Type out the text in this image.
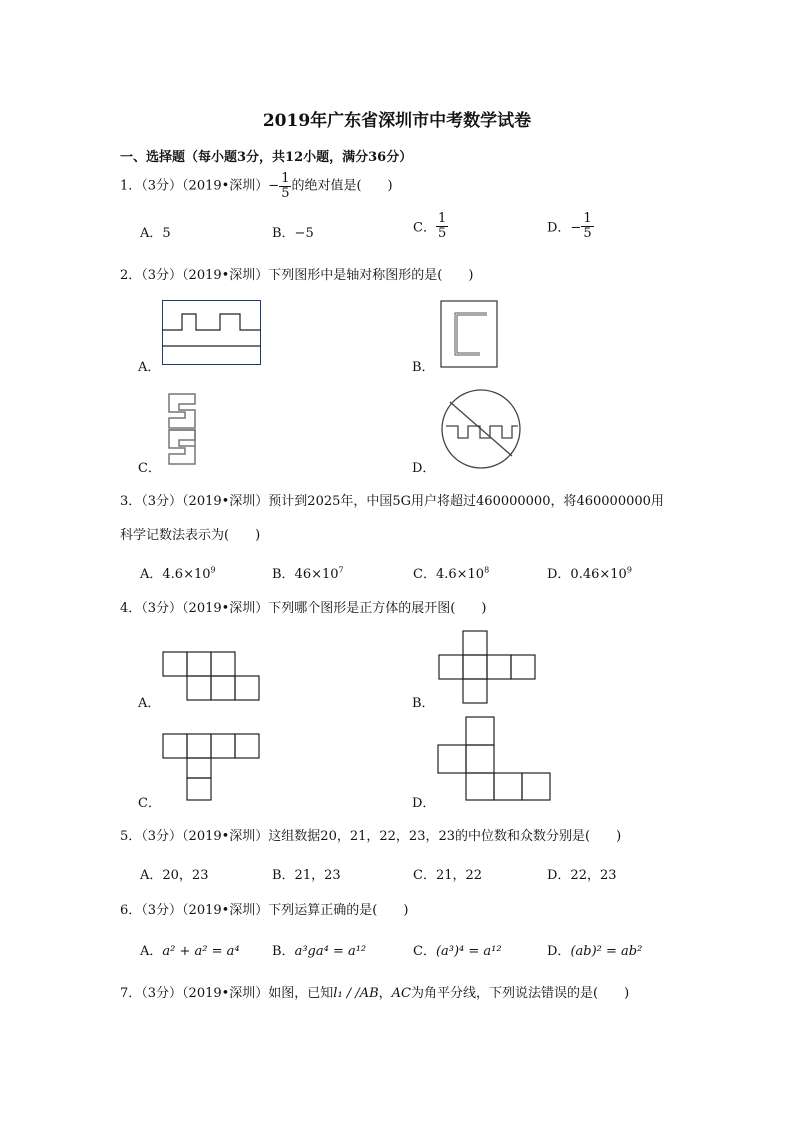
2019年广东省深圳市中考数学试卷
一、选择题（每小题3分，共12小题，满分36分）
1．（3分）（2019•深圳）− $\frac{1}{5}$ 的绝对值是(　　)
A．5	B．−5	C． $\frac{1}{5}$	D．− $\frac{1}{5}$
2．（3分）（2019•深圳）下列图形中是轴对称图形的是(　　)
A．	B．
C．	D．
3．（3分）（2019•深圳）预计到2025年，中国5G用户将超过460000000，将460000000用
科学记数法表示为(　　)
A．$4.6\times 10^9$	B．$46\times 10^7$	C．$4.6\times 10^8$	D．$0.46\times 10^9$
4．（3分）（2019•深圳）下列哪个图形是正方体的展开图(　　)
A．	B．
C．	D．
5．（3分）（2019•深圳）这组数据20，21，22，23，23的中位数和众数分别是(　　)
A．20，23	B．21，23	C．21，22	D．22，23
6．（3分）（2019•深圳）下列运算正确的是(　　)
A．a² + a² = a⁴ B．a³ga⁴ = a¹²	C．(a³)⁴ = a¹²	D．(ab)² = ab²
7．（3分）（2019•深圳）如图，已知l₁ / /AB，AC为角平分线，下列说法错误的是(　　)
